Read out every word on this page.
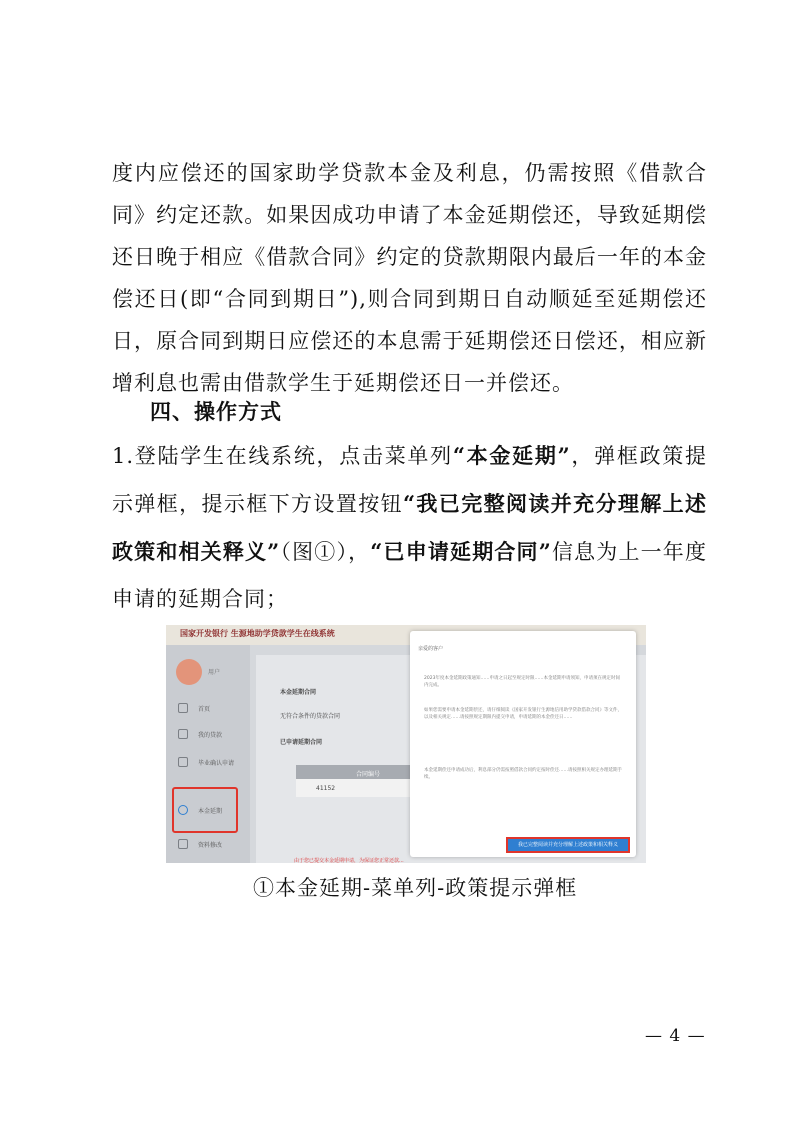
度内应偿还的国家助学贷款本金及利息，仍需按照《借款合同》约定还款。如果因成功申请了本金延期偿还，导致延期偿还日晚于相应《借款合同》约定的贷款期限内最后一年的本金偿还日(即“合同到期日”),则合同到期日自动顺延至延期偿还日，原合同到期日应偿还的本息需于延期偿还日偿还，相应新增利息也需由借款学生于延期偿还日一并偿还。

四、操作方式

1.登陆学生在线系统，点击菜单列“本金延期”，弹框政策提示弹框，提示框下方设置按钮“我已完整阅读并充分理解上述政策和相关释义”（图①），“已申请延期合同”信息为上一年度申请的延期合同；

国家开发银行 生源地助学贷款学生在线系统
用户
首页
我的贷款
毕业确认申请
本金延期
资料修改
本金延期合同
无符合条件的贷款合同
已申请延期合同
合同编号
41152
由于您已提交本金延期申请，为保证您正常还款...
亲爱的客户
2023年度本金延期政策通知……申请之日起至规定时限……本金延期申请须知，申请须在规定时间内完成。
如果您需要申请本金延期偿还，请仔细阅读《国家开发银行生源地信用助学贷款借款合同》等文件，以及相关规定……请按照规定期限内提交申请，申请延期的本金偿还日……
本金延期偿还申请成功后，利息部分仍需按照借款合同约定按时偿还……请按照相关规定办理延期手续。
我已完整阅读并充分理解上述政策和相关释义

①本金延期-菜单列-政策提示弹框

— 4 —
